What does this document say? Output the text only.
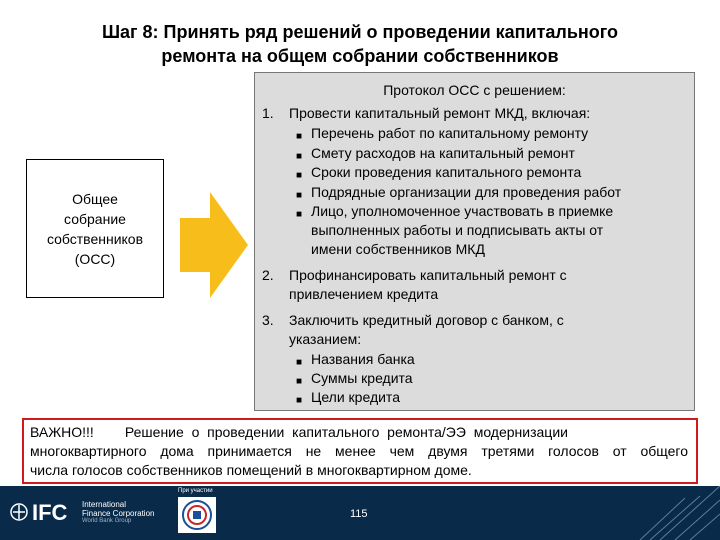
Шаг 8: Принять ряд решений о проведении капитального
ремонта на общем собрании собственников
Общее
собрание
собственников
(ОСС)
Протокол ОСС с решением:
1. Провести капитальный ремонт МКД, включая:
■ Перечень работ по капитальному ремонту
■ Смету расходов на капитальный ремонт
■ Сроки проведения капитального ремонта
■ Подрядные организации для проведения работ
■ Лицо, уполномоченное участвовать в приемке
выполненных работы и подписывать акты от
имени собственников МКД
2. Профинансировать капитальный ремонт с
привлечением кредита
3. Заключить кредитный договор с банком, с
указанием:
■ Названия банка
■ Суммы кредита
■ Цели кредита
ВАЖНО!!!        Решение  о  проведении  капитального  ремонта/ЭЭ  модернизации
многоквартирного дома принимается не менее чем двумя третями голосов от общего
числа голосов собственников помещений в многоквартирном доме.
IFC International
Finance Corporation
World Bank Group
При участии
115
